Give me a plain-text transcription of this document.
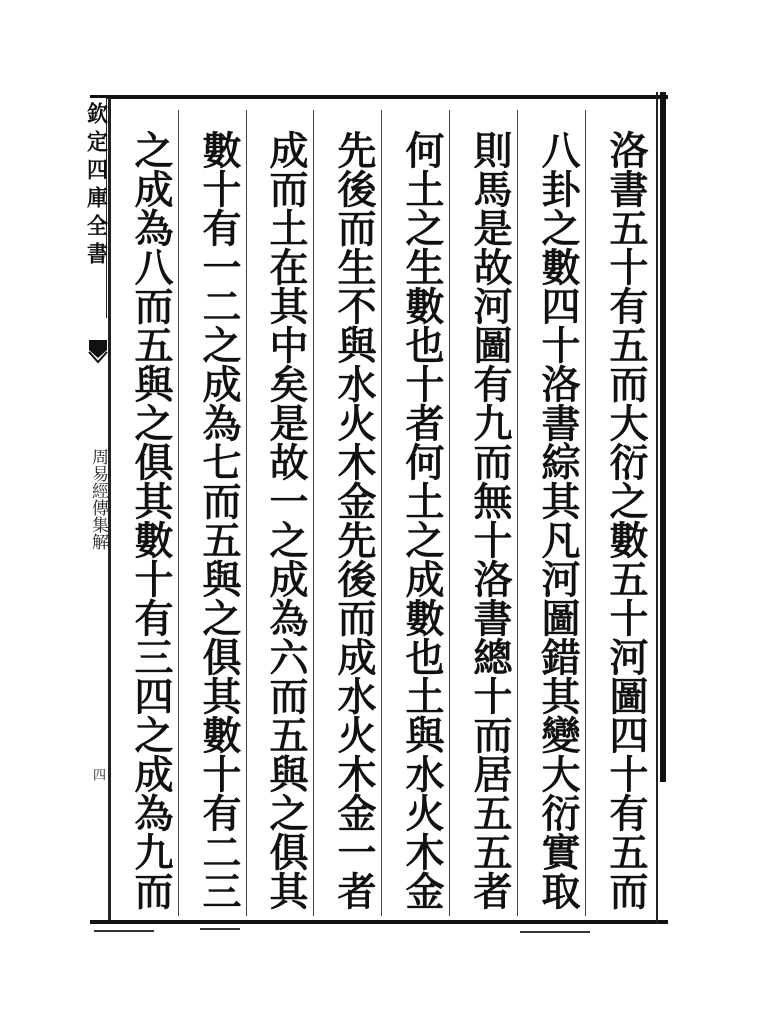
欽定四庫全書
周易經傳集解
四	洛書五十有五而大衍之數五十河圖四十有五而
八卦之數四十洛書綜其凡河圖錯其變大衍實取
則馬是故河圖有九而無十洛書總十而居五五者
何土之生數也十者何土之成數也土與水火木金
先後而生不與水火木金先後而成水火木金一者
成而土在其中矣是故一之成為六而五與之俱其
數十有一二之成為七而五與之俱其數十有二三
之成為八而五與之俱其數十有三四之成為九而
